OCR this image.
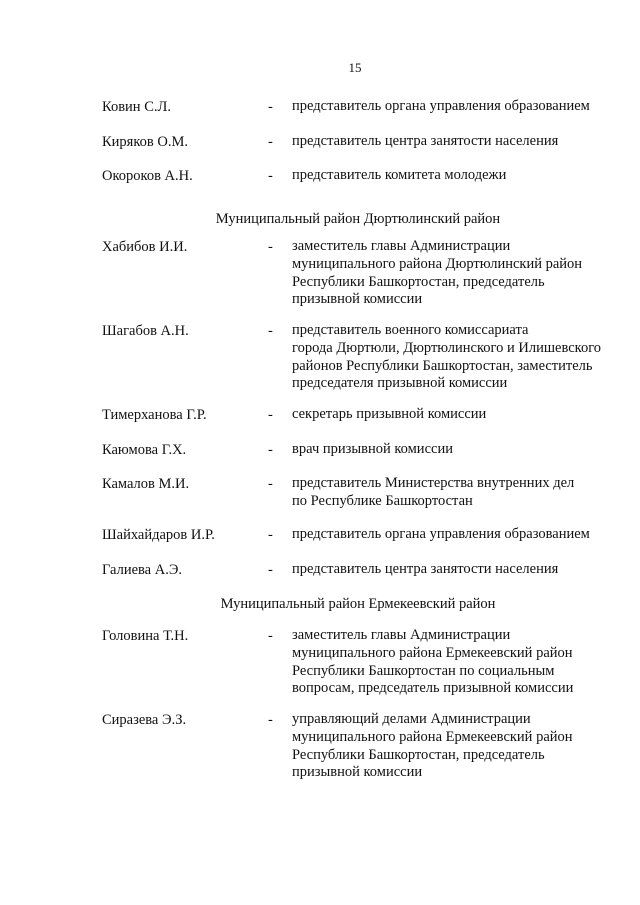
15
Ковин С.Л.	- представитель органа управления образованием
Киряков О.М.	- представитель центра занятости населения
Окороков А.Н.	- представитель комитета молодежи
Муниципальный район Дюртюлинский район
Хабибов И.И.	- заместитель главы Администрации
муниципального района Дюртюлинский район
Республики Башкортостан, председатель
призывной комиссии
Шагабов А.Н.	- представитель военного комиссариата
города Дюртюли, Дюртюлинского и Илишевского
районов Республики Башкортостан, заместитель
председателя призывной комиссии
Тимерханова Г.Р.	- секретарь призывной комиссии
Каюмова Г.Х.	- врач призывной комиссии
Камалов М.И.	- представитель Министерства внутренних дел
по Республике Башкортостан
Шайхайдаров И.Р.	- представитель органа управления образованием
Галиева А.Э.	- представитель центра занятости населения
Муниципальный район Ермекеевский район
Головина Т.Н.	- заместитель главы Администрации
муниципального района Ермекеевский район
Республики Башкортостан по социальным
вопросам, председатель призывной комиссии
Сиразева Э.З.	- управляющий делами Администрации
муниципального района Ермекеевский район
Республики Башкортостан, председатель
призывной комиссии
